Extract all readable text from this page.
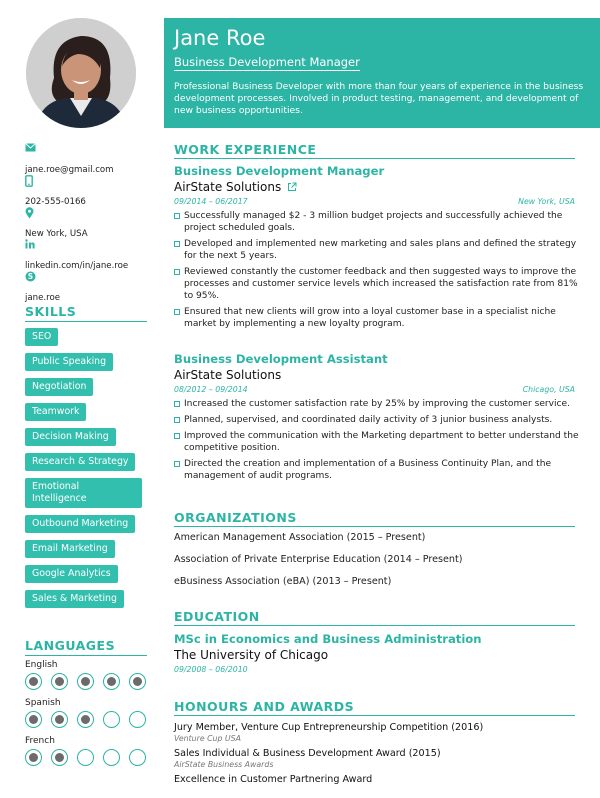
jane.roe@gmail.com
202-555-0166
New York, USA
linkedin.com/in/jane.roe
S
jane.roe
SKILLS
SEO
Public Speaking
Negotiation
Teamwork
Decision Making
Research & Strategy
Emotional Intelligence
Outbound Marketing
Email Marketing
Google Analytics
Sales & Marketing
LANGUAGES
English
Spanish
French
Jane Roe
Business Development Manager
Professional Business Developer with more than four years of experience in the business development processes. Involved in product testing, management, and development of new business opportunities.
WORK EXPERIENCE
Business Development Manager
AirState Solutions
09/2014 – 06/2017	New York, USA
Successfully managed $2 - 3 million budget projects and successfully achieved the project scheduled goals.
Developed and implemented new marketing and sales plans and defined the strategy for the next 5 years.
Reviewed constantly the customer feedback and then suggested ways to improve the processes and customer service levels which increased the satisfaction rate from 81% to 95%.
Ensured that new clients will grow into a loyal customer base in a specialist niche market by implementing a new loyalty program.
Business Development Assistant
AirState Solutions
08/2012 – 09/2014	Chicago, USA
Increased the customer satisfaction rate by 25% by improving the customer service.
Planned, supervised, and coordinated daily activity of 3 junior business analysts.
Improved the communication with the Marketing department to better understand the competitive position.
Directed the creation and implementation of a Business Continuity Plan, and the management of audit programs.
ORGANIZATIONS
American Management Association (2015 – Present)
Association of Private Enterprise Education (2014 – Present)
eBusiness Association (eBA) (2013 – Present)
EDUCATION
MSc in Economics and Business Administration
The University of Chicago
09/2008 – 06/2010
HONOURS AND AWARDS
Jury Member, Venture Cup Entrepreneurship Competition (2016)
Venture Cup USA
Sales Individual & Business Development Award (2015)
AirState Business Awards
Excellence in Customer Partnering Award
